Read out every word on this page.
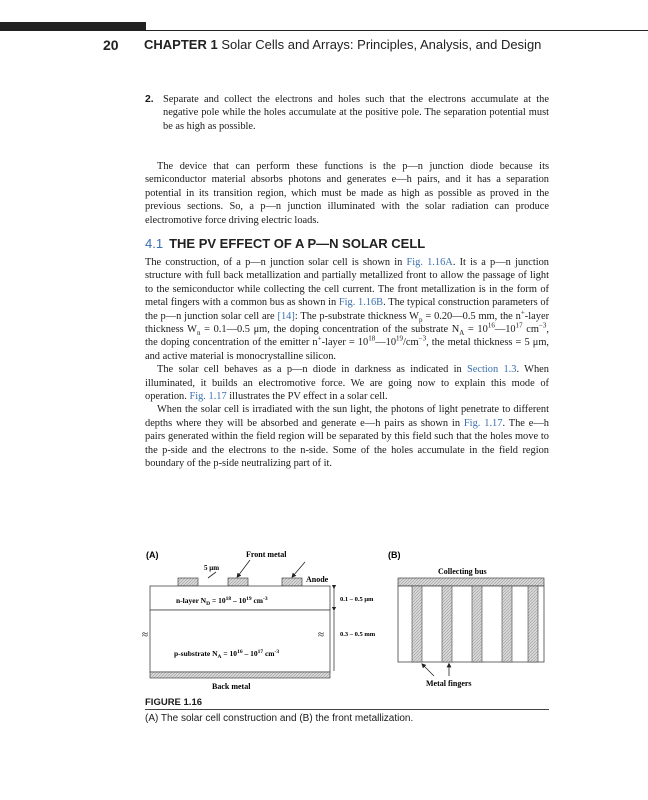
20 CHAPTER 1 Solar Cells and Arrays: Principles, Analysis, and Design
2. Separate and collect the electrons and holes such that the electrons accumulate at the negative pole while the holes accumulate at the positive pole. The separation potential must be as high as possible.

The device that can perform these functions is the p—n junction diode because its semiconductor material absorbs photons and generates e—h pairs, and it has a separation potential in its transition region, which must be made as high as possible as proved in the previous sections. So, a p—n junction illuminated with the solar radiation can produce electromotive force driving electric loads.

4.1 THE PV EFFECT OF A P—N SOLAR CELL

The construction, of a p—n junction solar cell is shown in Fig. 1.16A. It is a p—n junction structure with full back metallization and partially metallized front to allow the passage of light to the semiconductor while collecting the cell current. The front metallization is in the form of metal fingers with a common bus as shown in Fig. 1.16B. The typical construction parameters of the p—n junction solar cell are [14]: The p-substrate thickness $W_p$ = 0.20—0.5 mm, the n+-layer thickness $W_n$ = 0.1—0.5 μm, the doping concentration of the substrate $N_A$ = $10^{16}—10^{17}$ $cm^{-3}$, the doping concentration of the emitter n+-layer = $10^{18}—10^{19}/cm^{-3}$, the metal thickness = 5 μm, and active material is monocrystalline silicon.

The solar cell behaves as a p—n diode in darkness as indicated in Section 1.3. When illuminated, it builds an electromotive force. We are going now to explain this mode of operation. Fig. 1.17 illustrates the PV effect in a solar cell.

When the solar cell is irradiated with the sun light, the photons of light penetrate to different depths where they will be absorbed and generate e—h pairs as shown in Fig. 1.17. The e—h pairs generated within the field region will be separated by this field such that the holes move to the p-side and the electrons to the n-side. Some of the holes accumulate in the field region boundary of the p-side neutralizing part of it.

(A)	Front metal
5 μm
Anode
n-layer $N_D = 10^{18} - 10^{19}$ $cm^{-3}$
≈	≈
p-substrate $N_A = 10^{16} - 10^{17}$ $cm^{-3}$
Back metal
0.1 – 0.5 μm
0.3 – 0.5 mm
(B)
Collecting bus
Metal fingers
FIGURE 1.16
(A) The solar cell construction and (B) the front metallization.
